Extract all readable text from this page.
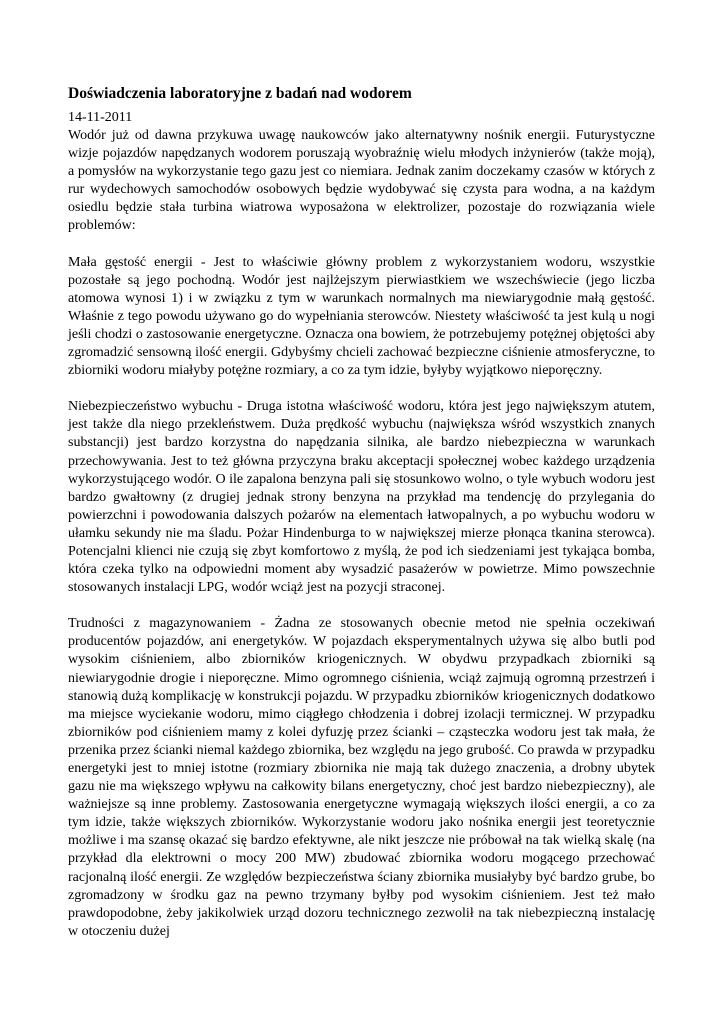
Doświadczenia laboratoryjne z badań nad wodorem

14-11-2011

Wodór już od dawna przykuwa uwagę naukowców jako alternatywny nośnik energii. Futurystyczne wizje pojazdów napędzanych wodorem poruszają wyobraźnię wielu młodych inżynierów (także moją), a pomysłów na wykorzystanie tego gazu jest co niemiara. Jednak zanim doczekamy czasów w których z rur wydechowych samochodów osobowych będzie wydobywać się czysta para wodna, a na każdym osiedlu będzie stała turbina wiatrowa wyposażona w elektrolizer, pozostaje do rozwiązania wiele problemów:

Mała gęstość energii - Jest to właściwie główny problem z wykorzystaniem wodoru, wszystkie pozostałe są jego pochodną. Wodór jest najlżejszym pierwiastkiem we wszechświecie (jego liczba atomowa wynosi 1) i w związku z tym w warunkach normalnych ma niewiarygodnie małą gęstość. Właśnie z tego powodu używano go do wypełniania sterowców. Niestety właściwość ta jest kulą u nogi jeśli chodzi o zastosowanie energetyczne. Oznacza ona bowiem, że potrzebujemy potężnej objętości aby zgromadzić sensowną ilość energii. Gdybyśmy chcieli zachować bezpieczne ciśnienie atmosferyczne, to zbiorniki wodoru miałyby potężne rozmiary, a co za tym idzie, byłyby wyjątkowo nieporęczny.

Niebezpieczeństwo wybuchu - Druga istotna właściwość wodoru, która jest jego największym atutem, jest także dla niego przekleństwem. Duża prędkość wybuchu (największa wśród wszystkich znanych substancji) jest bardzo korzystna do napędzania silnika, ale bardzo niebezpieczna w warunkach przechowywania. Jest to też główna przyczyna braku akceptacji społecznej wobec każdego urządzenia wykorzystującego wodór. O ile zapalona benzyna pali się stosunkowo wolno, o tyle wybuch wodoru jest bardzo gwałtowny (z drugiej jednak strony benzyna na przykład ma tendencję do przylegania do powierzchni i powodowania dalszych pożarów na elementach łatwopalnych, a po wybuchu wodoru w ułamku sekundy nie ma śladu. Pożar Hindenburga to w największej mierze płonąca tkanina sterowca). Potencjalni klienci nie czują się zbyt komfortowo z myślą, że pod ich siedzeniami jest tykająca bomba, która czeka tylko na odpowiedni moment aby wysadzić pasażerów w powietrze. Mimo powszechnie stosowanych instalacji LPG, wodór wciąż jest na pozycji straconej.

Trudności z magazynowaniem - Żadna ze stosowanych obecnie metod nie spełnia oczekiwań producentów pojazdów, ani energetyków. W pojazdach eksperymentalnych używa się albo butli pod wysokim ciśnieniem, albo zbiorników kriogenicznych. W obydwu przypadkach zbiorniki są niewiarygodnie drogie i nieporęczne. Mimo ogromnego ciśnienia, wciąż zajmują ogromną przestrzeń i stanowią dużą komplikację w konstrukcji pojazdu. W przypadku zbiorników kriogenicznych dodatkowo ma miejsce wyciekanie wodoru, mimo ciągłego chłodzenia i dobrej izolacji termicznej. W przypadku zbiorników pod ciśnieniem mamy z kolei dyfuzję przez ścianki – cząsteczka wodoru jest tak mała, że przenika przez ścianki niemal każdego zbiornika, bez względu na jego grubość. Co prawda w przypadku energetyki jest to mniej istotne (rozmiary zbiornika nie mają tak dużego znaczenia, a drobny ubytek gazu nie ma większego wpływu na całkowity bilans energetyczny, choć jest bardzo niebezpieczny), ale ważniejsze są inne problemy. Zastosowania energetyczne wymagają większych ilości energii, a co za tym idzie, także większych zbiorników. Wykorzystanie wodoru jako nośnika energii jest teoretycznie możliwe i ma szansę okazać się bardzo efektywne, ale nikt jeszcze nie próbował na tak wielką skalę (na przykład dla elektrowni o mocy 200 MW) zbudować zbiornika wodoru mogącego przechować racjonalną ilość energii. Ze względów bezpieczeństwa ściany zbiornika musiałyby być bardzo grube, bo zgromadzony w środku gaz na pewno trzymany byłby pod wysokim ciśnieniem. Jest też mało prawdopodobne, żeby jakikolwiek urząd dozoru technicznego zezwolił na tak niebezpieczną instalację w otoczeniu dużej
